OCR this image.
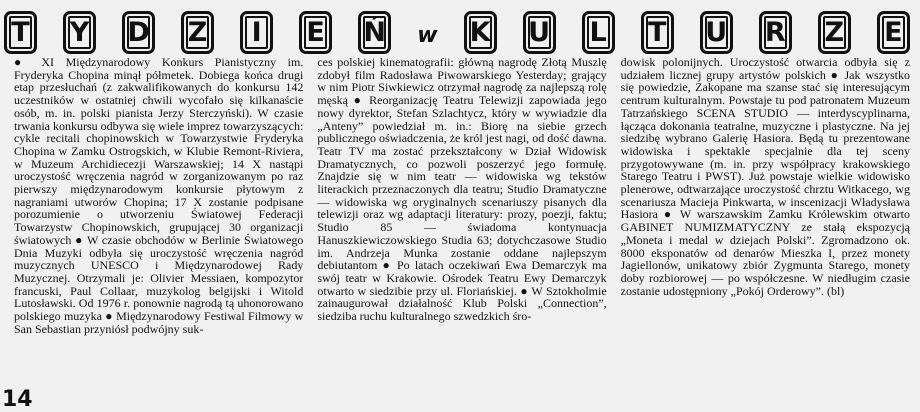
T Y D Z	I	E Ń w K U L T U R Z E

● XI Międzynarodowy Konkurs Pianistyczny im. Fryderyka Chopina minął półmetek. Dobiega końca drugi etap przesłuchań (z zakwalifikowanych do konkursu 142 uczestników w ostatniej chwili wycofało się kilkanaście osób, m. in. polski pianista Jerzy Sterczyński). W czasie trwania konkursu odbywa się wiele imprez towarzyszących: cykle recitali chopinowskich w Towarzystwie Fryderyka Chopina w Zamku Ostrogskich, w Klubie Remont-Riviera, w Muzeum Archidiecezji Warszawskiej; 14 X nastąpi uroczystość wręczenia nagród w zorganizowanym po raz pierwszy międzynarodowym konkursie płytowym z nagraniami utworów Chopina; 17 X zostanie podpisane porozumienie o utworzeniu Światowej Federacji Towarzystw Chopinowskich, grupującej 30 organizacji światowych ● W czasie obchodów w Berlinie Światowego Dnia Muzyki odbyła się uroczystość wręczenia nagród muzycznych UNESCO i Międzynarodowej Rady Muzycznej. Otrzymali je: Olivier Messiaen, kompozytor francuski, Paul Collaar, muzykolog belgijski i Witold Lutosławski. Od 1976 r. ponownie nagrodą tą uhonorowano polskiego muzyka ● Międzynarodowy Festiwal Filmowy w San Sebastian przyniósł podwójny suk-

ces polskiej kinematografii: główną nagrodę Złotą Muszlę zdobył film Radosława Piwowarskiego Yesterday; grający w nim Piotr Siwkiewicz otrzymał nagrodę za najlepszą rolę męską ● Reorganizację Teatru Telewizji zapowiada jego nowy dyrektor, Stefan Szlachtycz, który w wywiadzie dla „Anteny” powiedział m. in.: Biorę na siebie grzech publicznego oświadczenia, że król jest nagi, od dość dawna. Teatr TV ma zostać przekształcony w Dział Widowisk Dramatycznych, co pozwoli poszerzyć jego formułę. Znajdzie się w nim teatr — widowiska wg tekstów literackich przeznaczonych dla teatru; Studio Dramatyczne — widowiska wg oryginalnych scenariuszy pisanych dla telewizji oraz wg adaptacji literatury: prozy, poezji, faktu; Studio 85 — świadoma kontynuacja Hanuszkiewiczowskiego Studia 63; dotychczasowe Studio im. Andrzeja Munka zostanie oddane najlepszym debiutantom ● Po latach oczekiwań Ewa Demarczyk ma swój teatr w Krakowie. Ośrodek Teatru Ewy Demarczyk otwarto w siedzibie przy ul. Floriańskiej. ● W Sztokholmie zainaugurował działalność Klub Polski „Connection”, siedziba ruchu kulturalnego szwedzkich śro-

dowisk polonijnych. Uroczystość otwarcia odbyła się z udziałem licznej grupy artystów polskich ● Jak wszystko się powiedzie, Zakopane ma szanse stać się interesującym centrum kulturalnym. Powstaje tu pod patronatem Muzeum Tatrzańskiego SCENA STUDIO — interdyscyplinarna, łącząca dokonania teatralne, muzyczne i plastyczne. Na jej siedzibę wybrano Galerię Hasiora. Będą tu prezentowane widowiska i spektakle specjalnie dla tej sceny przygotowywane (m. in. przy współpracy krakowskiego Starego Teatru i PWST). Już powstaje wielkie widowisko plenerowe, odtwarzające uroczystość chrztu Witkacego, wg scenariusza Macieja Pinkwarta, w inscenizacji Władysława Hasiora ● W warszawskim Zamku Królewskim otwarto GABINET NUMIZMATYCZNY ze stałą ekspozycją „Moneta i medal w dziejach Polski”. Zgromadzono ok. 8000 eksponatów od denarów Mieszka I, przez monety Jagiellonów, unikatowy zbiór Zygmunta Starego, monety doby rozbiorowej — po współczesne. W niedługim czasie zostanie udostępniony „Pokój Orderowy”. (bl)

14
